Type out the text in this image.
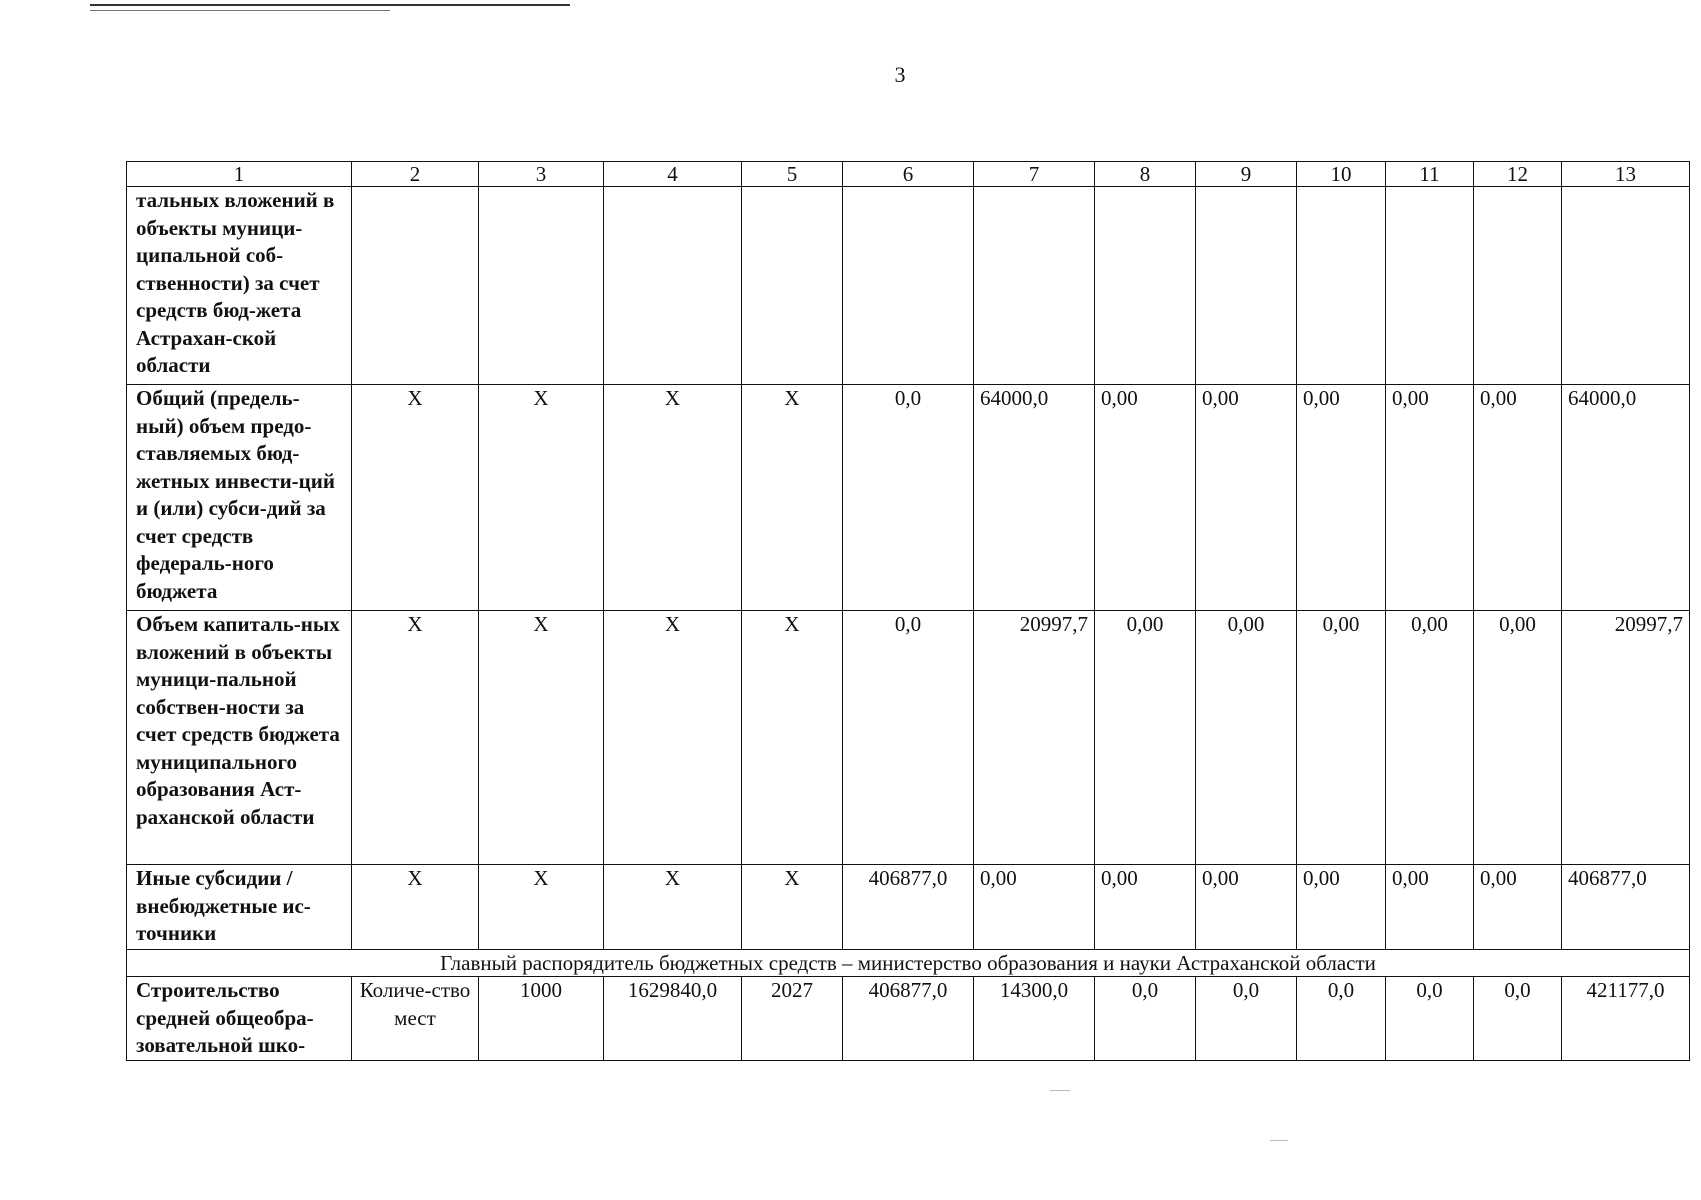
3
1	2	3	4	5	6	7	8	9	10	11	12	13
тальных вложений в объекты муници-ципальной соб-ственности) за счет средств бюд-жета Астрахан-ской области												
Общий (предель-ный) объем предо-ставляемых бюд-жетных инвести-ций и (или) субси-дий за счет средств федераль-ного бюджета	Х	Х	Х	Х	0,0	64000,0	0,00	0,00	0,00	0,00	0,00	64000,0
Объем капиталь-ных вложений в объекты муници-пальной собствен-ности за счет средств бюджета муниципального образования Аст-раханской области	Х	Х	Х	Х	0,0	20997,7	0,00	0,00	0,00	0,00	0,00	20997,7
Иные субсидии / внебюджетные ис-точники	Х	Х	Х	Х	406877,0	0,00	0,00	0,00	0,00	0,00	0,00	406877,0
Главный распорядитель бюджетных средств – министерство образования и науки Астраханской области												
Строительство средней общеобра-зовательной шко-	Количе-ство мест	1000	1629840,0	2027	406877,0	14300,0	0,0	0,0	0,0	0,0	0,0	421177,0
